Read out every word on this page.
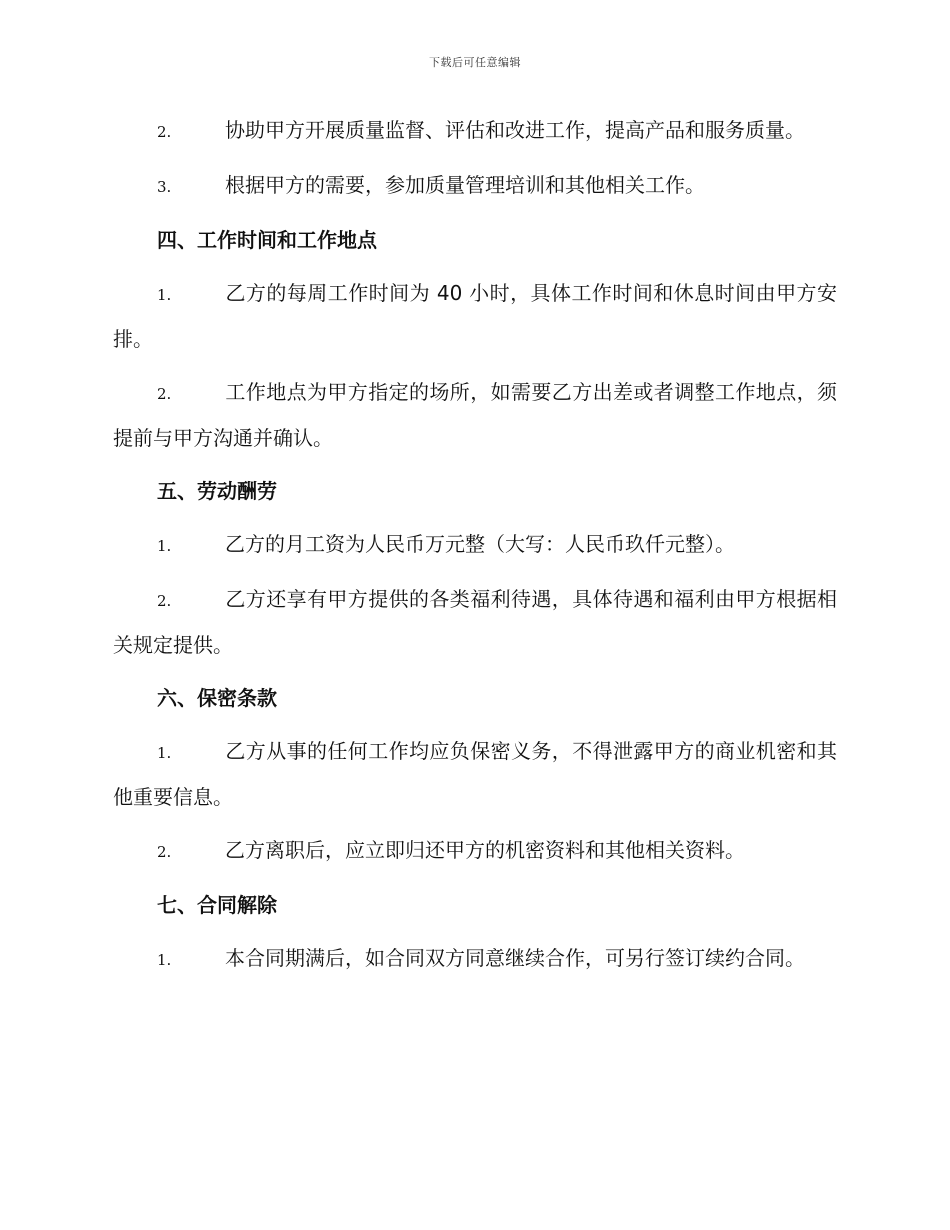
下载后可任意编辑

2.	协助甲方开展质量监督、评估和改进工作，提高产品和服务质量。

3.	根据甲方的需要，参加质量管理培训和其他相关工作。

四、工作时间和工作地点

1.	乙方的每周工作时间为 40 小时，具体工作时间和休息时间由甲方安排。

2.	工作地点为甲方指定的场所，如需要乙方出差或者调整工作地点，须提前与甲方沟通并确认。

五、劳动酬劳

1.	乙方的月工资为人民币万元整（大写：人民币玖仟元整）。

2.	乙方还享有甲方提供的各类福利待遇，具体待遇和福利由甲方根据相关规定提供。

六、保密条款

1.	乙方从事的任何工作均应负保密义务，不得泄露甲方的商业机密和其他重要信息。

2.	乙方离职后，应立即归还甲方的机密资料和其他相关资料。

七、合同解除

1.	本合同期满后，如合同双方同意继续合作，可另行签订续约合同。
